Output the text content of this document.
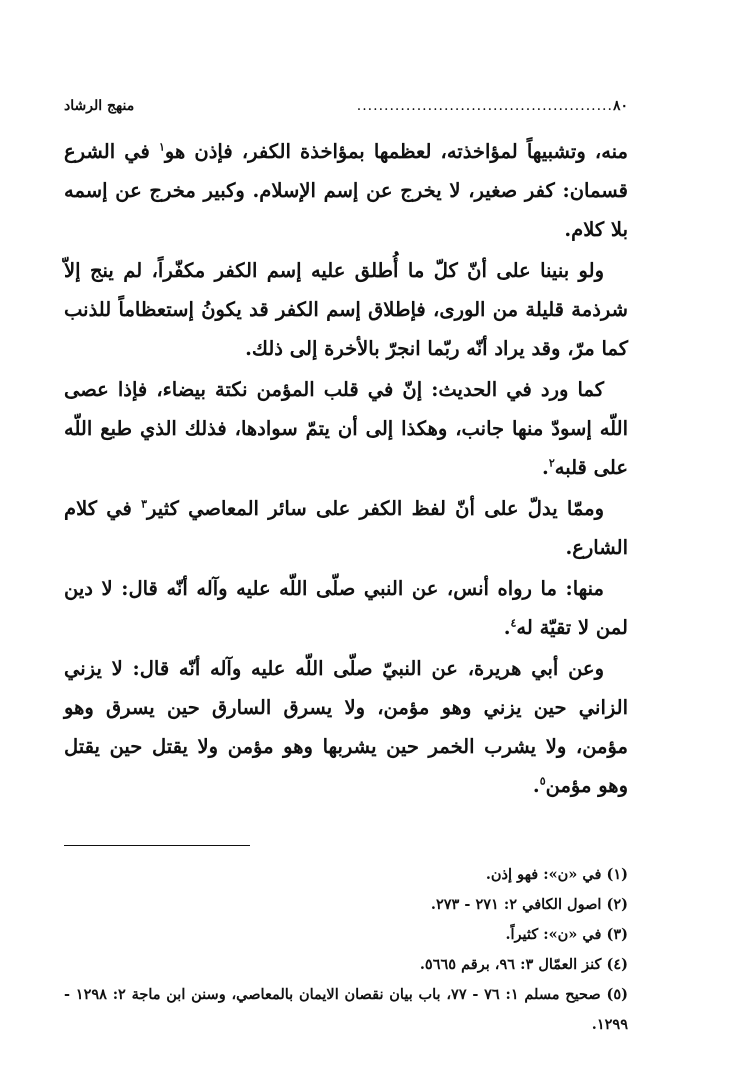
٨٠
...............................................
منهج الرشاد

منه، وتشبيهاً لمؤاخذته، لعظمها بمؤاخذة الكفر، فإذن هو$^١$ في الشرع قسمان: كفر صغير، لا يخرج عن إسم الإسلام. وكبير مخرج عن إسمه بلا كلام.

ولو بنينا على أنّ كلّ ما أُطلق عليه إسم الكفر مكفّراً، لم ينج إلاّ شرذمة قليلة من الورى، فإطلاق إسم الكفر قد يكونُ إستعظاماً للذنب كما مرّ، وقد يراد أنّه ربّما انجرّ بالأخرة إلى ذلك.

كما ورد في الحديث: إنّ في قلب المؤمن نكتة بيضاء، فإذا عصى اللّه إسودّ منها جانب، وهكذا إلى أن يتمّ سوادها، فذلك الذي طبع اللّه على قلبه$^٢$.

وممّا يدلّ على أنّ لفظ الكفر على سائر المعاصي كثير$^٣$ في كلام الشارع.

منها: ما رواه أنس، عن النبي صلّى اللّه عليه وآله أنّه قال: لا دين لمن لا تقيّة له$^٤$.

وعن أبي هريرة، عن النبيّ صلّى اللّه عليه وآله أنّه قال: لا يزني الزاني حين يزني وهو مؤمن، ولا يسرق السارق حين يسرق وهو مؤمن، ولا يشرب الخمر حين يشربها وهو مؤمن ولا يقتل حين يقتل وهو مؤمن$^٥$.

(١) في «ن»: فهو إذن.

(٢) اصول الكافي ٢: ٢٧١ - ٢٧٣.

(٣) في «ن»: كثيراً.

(٤) كنز العمّال ٣: ٩٦، برقم ٥٦٦٥.

(٥) صحيح مسلم ١: ٧٦ - ٧٧، باب بيان نقصان الايمان بالمعاصي، وسنن ابن ماجة ٢: ١٢٩٨ - ١٢٩٩.
